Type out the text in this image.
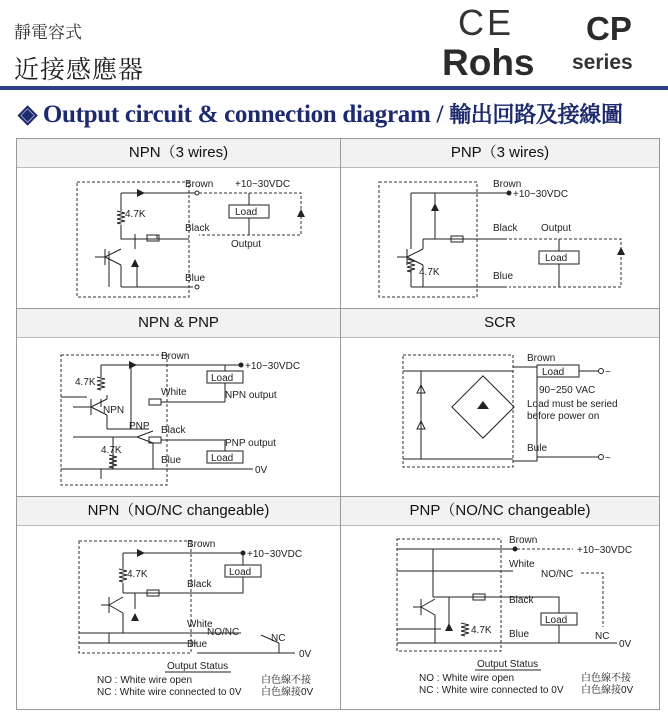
靜電容式
近接感應器
CE
Rohs
CP
series
◈ Output circuit & connection diagram / 輸出回路及接線圖
NPN（3 wires)
4.7K
Brown +10~30VDC
Load
Black
Output
Blue
PNP（3 wires)
4.7K
Brown
+10~30VDC
Black Output
Load
Blue
NPN & PNP
4.7K
NPN
PNP
4.7K
Brown
+10~30VDC
Load
White	NPN output
Black
PNP output
Blue	Load
0V
SCR
Brown
Load	~
90~250 VAC
Load must be seried
before power on
Bule
~
NPN（NO/NC changeable)
4.7K
Brown
+10~30VDC
Load
Black
White
NO/NC
NC
Blue
0V
Output Status
NO : White wire open	白色線不接
NC : White wire connected to 0V 白色線接0V
PNP（NO/NC changeable)
+10~30VDC
Brown
White
NO/NC
Black
4.7K
Load
NC
Blue
0V
Output Status
NO : White wire open	白色線不接
NC : White wire connected to 0V 白色線接0V
